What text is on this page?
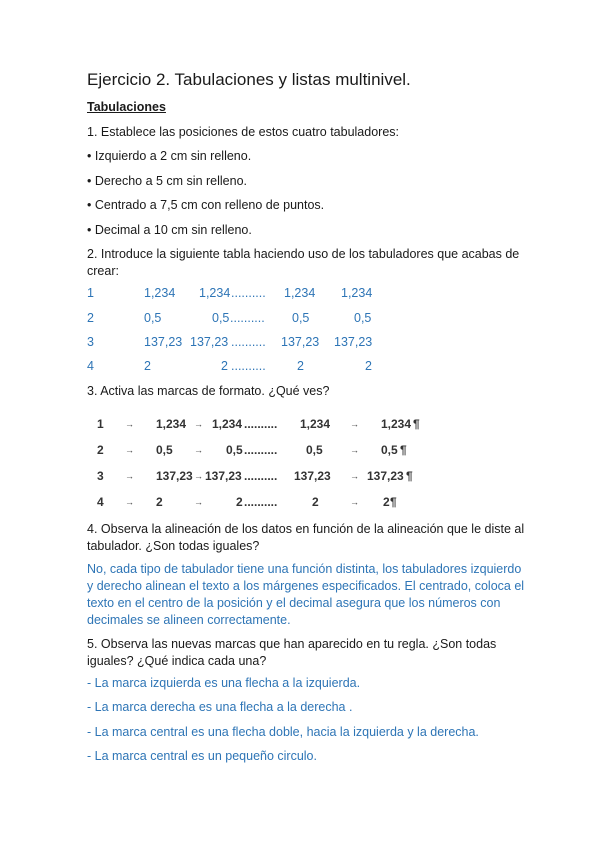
Ejercicio 2. Tabulaciones y listas multinivel.
Tabulaciones
1. Establece las posiciones de estos cuatro tabuladores:
• Izquierdo a 2 cm sin relleno.
• Derecho a 5 cm sin relleno.
• Centrado a 7,5 cm con relleno de puntos.
• Decimal a 10 cm sin relleno.
2. Introduce la siguiente tabla haciendo uso de los tabuladores que acabas de
crear:
1	1,234 1,234 .......... 1,234 1,234
2	0,5	0,5 .......... 0,5	0,5
3	137,23 137,23 .......... 137,23 137,23
4	2	2 ..........	2	2
3. Activa las marcas de formato. ¿Qué ves?
1 → 1,234 → 1,234 .......... 1,234 → 1,234 ¶
2 → 0,5 → 0,5 .......... 0,5	→ 0,5 ¶
3 → 137,23 → 137,23 .......... 137,23 → 137,23 ¶
4 → 2	→	2 ..........	2	→ 2 ¶
4. Observa la alineación de los datos en función de la alineación que le diste al
tabulador. ¿Son todas iguales?
No, cada tipo de tabulador tiene una función distinta, los tabuladores izquierdo
y derecho alinean el texto a los márgenes especificados. El centrado, coloca el
texto en el centro de la posición y el decimal asegura que los números con
decimales se alineen correctamente.
5. Observa las nuevas marcas que han aparecido en tu regla. ¿Son todas
iguales? ¿Qué indica cada una?
- La marca izquierda es una flecha a la izquierda.
- La marca derecha es una flecha a la derecha .
- La marca central es una flecha doble, hacia la izquierda y la derecha.
- La marca central es un pequeño circulo.
